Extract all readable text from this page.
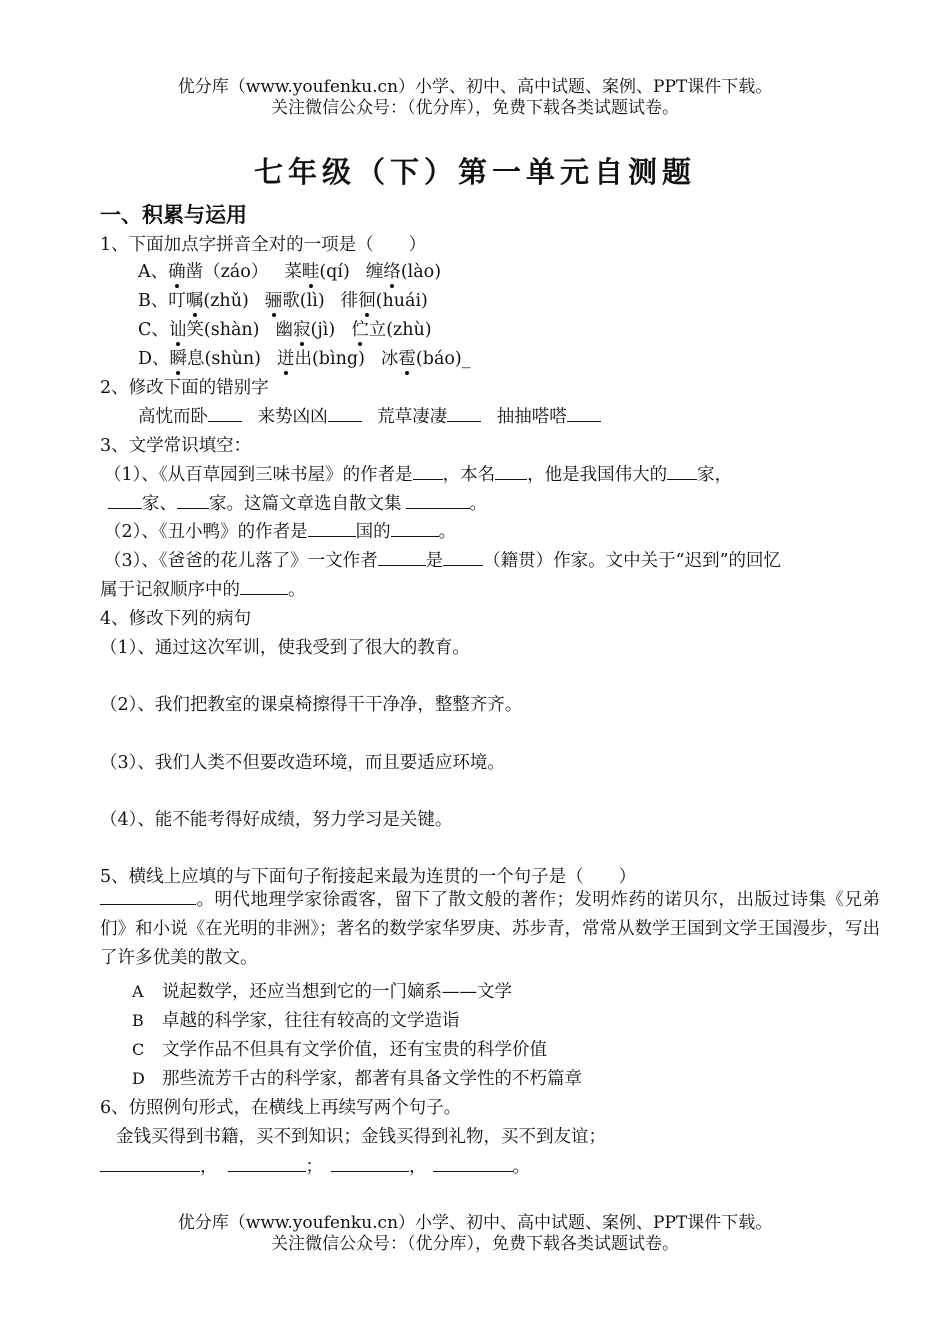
优分库（www.youfenku.cn）小学、初中、高中试题、案例、PPT课件下载。
关注微信公众号：（优分库），免费下载各类试题试卷。
七年级（下）第一单元自测题
一、积累与运用
1、下面加点字拼音全对的一项是（　　）
A、确凿（záo） 菜畦(qí) 缠络(lào)
B、叮嘱(zhǔ) 骊歌(lì) 徘徊(huái)
C、讪笑(shàn) 幽寂(jì) 伫立(zhù)
D、瞬息(shùn) 迸出(bìng) 冰雹(báo)_
2、修改下面的错别字
高忱而卧	来势凶凶	荒草凄凄	抽抽嗒嗒
3、文学常识填空：
（1）、《从百草园到三味书屋》的作者是 ，本名 ，他是我国伟大的 家，
家、 家。这篇文章选自散文集	。
（2）、《丑小鸭》的作者是	国的	。
（3）、《爸爸的花儿落了》一文作者	是 （籍贯）作家。文中关于“迟到”的回忆
属于记叙顺序中的	。
4、修改下列的病句
（1）、通过这次军训，使我受到了很大的教育。
（2）、我们把教室的课桌椅擦得干干净净，整整齐齐。
（3）、我们人类不但要改造环境，而且要适应环境。
（4）、能不能考得好成绩，努力学习是关键。
5、横线上应填的与下面句子衔接起来最为连贯的一个句子是（　　）
。明代地理学家徐霞客，留下了散文般的著作；发明炸药的诺贝尔，出版过诗集《兄弟们》和小说《在光明的非洲》；著名的数学家华罗庚、苏步青，常常从数学王国到文学王国漫步，写出了许多优美的散文。
A 说起数学，还应当想到它的一门嫡系——文学
B 卓越的科学家，往往有较高的文学造诣
C 文学作品不但具有文学价值，还有宝贵的科学价值
D 那些流芳千古的科学家，都著有具备文学性的不朽篇章
6、仿照例句形式，在横线上再续写两个句子。
金钱买得到书籍，买不到知识；金钱买得到礼物，买不到友谊；
，	；	，	。
优分库（www.youfenku.cn）小学、初中、高中试题、案例、PPT课件下载。
关注微信公众号：（优分库），免费下载各类试题试卷。
